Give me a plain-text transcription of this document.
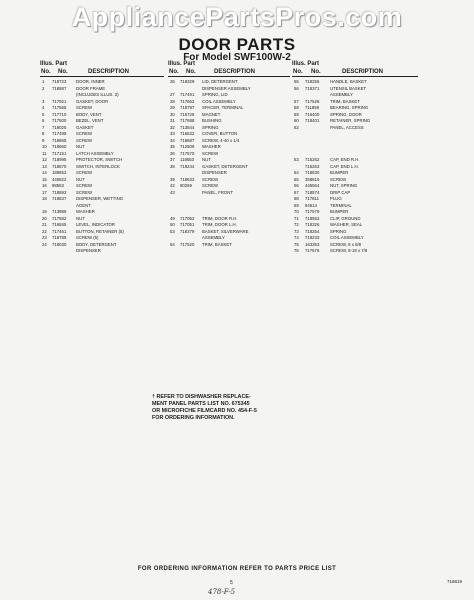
AppliancePartsPros.com
DOOR PARTS
For Model SWF100W-2
Illus. Part
No. No.	DESCRIPTION
1 718723 DOOR, INNER
2 718887 DOOR FRAME
(INCLUDES ILLUS. 3)
3 717921 GASKET, DOOR
4 717565 SCREW
5 717710 BODY, VENT
6 717500 BEZEL, VENT
7 719025 GASKET
8 717499 SCREW
9 718865 SCREW
10 718660 NUT
11 717151 LATCH ASSEMBLY
12 718995 PROTECTOR, SWITCH
13 718670 SWITCH, INTERLOCK
14 189853 SCREW
15 445822 NUT
16 98553	SCREW
17 718893 SCREW
18 718837 DISPENSER, WETTING
AGENT
19 713889 WASHER
20 717582 NUT
21 716845 LEVEL, INDICATOR
22 717461 BUTTON, RETAINER (5)
23 718789 SCREW (5)
24 718030 BODY, DETERGENT
DISPENSER
Illus. Part
No. No.	DESCRIPTION
26 718329 LID, DETERGENT
DISPENSER ASSEMBLY
27 717491 SPRING, LID
28 717662 COIL ASSEMBLY
29 718797 SPACER, TERMINAL
30 715726 MAGNET
31 717688 BUSHING
32 713844 SPRING
33 716632 COVER, BUTTON
34 718687 SCREW, 4-40 x 1/4
35 712509 WASHER
36 717570 SCREW
37 118653 NUT
38 718244 GASKET, DETERGENT
DISPENSER
39 718633 SCREW
42 90269 SCREW
43	PANEL, FRONT
49 717052 TRIM, DOOR R.H.
50 717051 TRIM, DOOR L.H.
53 718379 BASKET, SILVERWARE
ASSEMBLY
54 717520 TRIM, BASKET
Illus. Part
No. No.	DESCRIPTION
55 718256 HANDLE, BASKET
56 718371 UTENSIL BASKET
ASSEMBLY
57 717528 TRIM, BASKET
58 711859	BEARING, SPRING
59 716400 SPRING, DOOR
60 718401 RETAINER, SPRING
62	PANEL, ACCESS
63 715262 CAP, END R.H.
715263 CAP, END L.H.
64 718830 BUMPER
65 358816 SCREW
66 445564 NUT, SPRING
67 718574 DRIP CAP
68 717811	PLUG
69 94614	TERMINAL
70 717579 BUMPER
71 718553 CLIP, GROUND
72 718326 WASHER, SEAL
73 718254 SPRING
74 718233 COIL ASSEMBLY
75 163353 SCREW, 8 x 5/8
76 717576 SCREW, 8-18 x 7/8
† REFER TO DISHWASHER REPLACE-
MENT PANEL PARTS LIST NO. 675345
OR MICROFICHE FILMCARD NO. 454-F-5
FOR ORDERING INFORMATION.
FOR ORDERING INFORMATION REFER TO PARTS PRICE LIST
5	718819
478-F-5
